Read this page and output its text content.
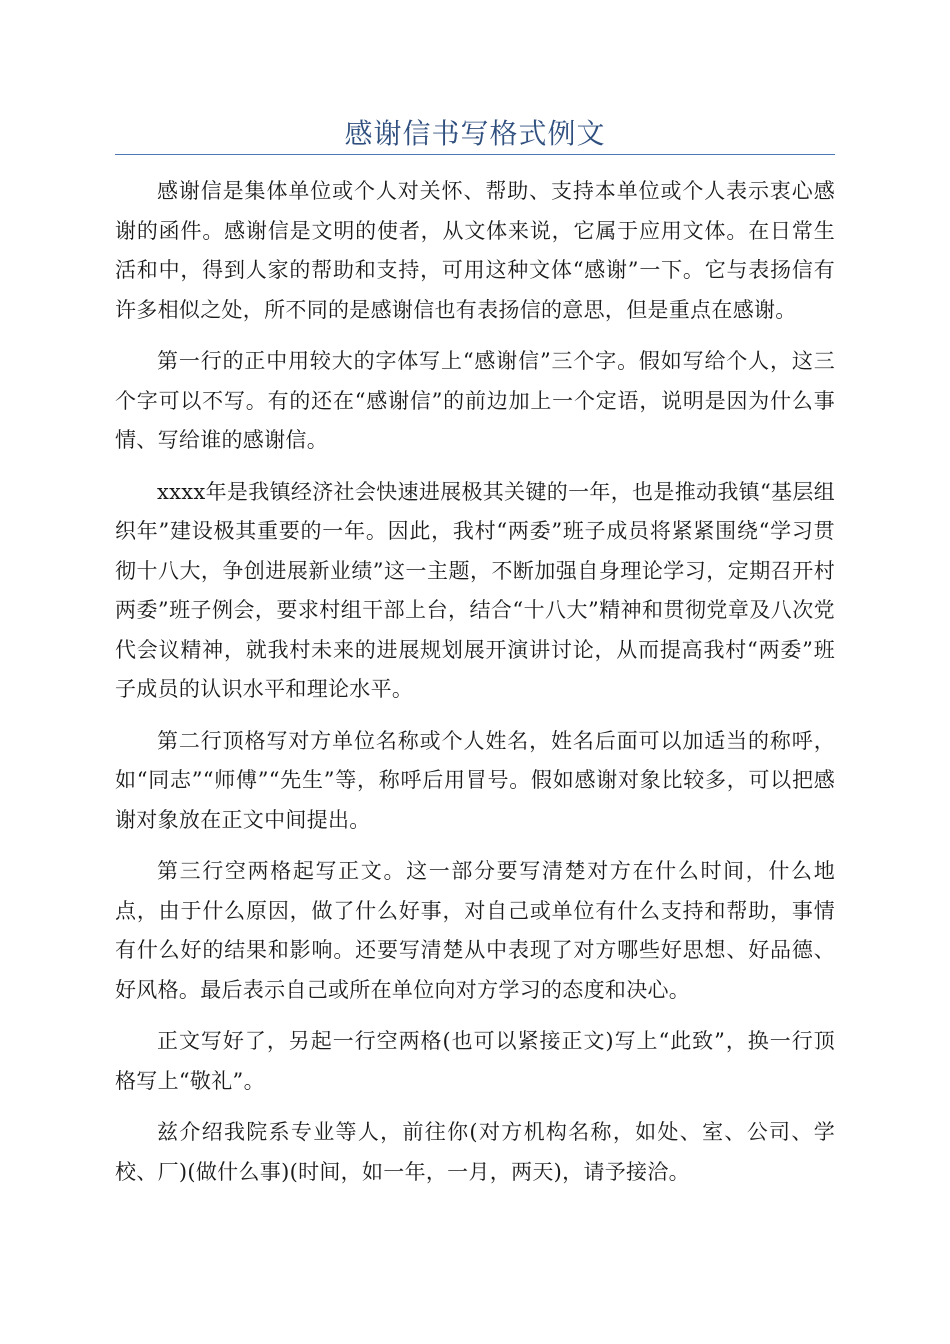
感谢信书写格式例文

感谢信是集体单位或个人对关怀、帮助、支持本单位或个人表示衷心感谢的函件。感谢信是文明的使者，从文体来说，它属于应用文体。在日常生活和中，得到人家的帮助和支持，可用这种文体“感谢”一下。它与表扬信有许多相似之处，所不同的是感谢信也有表扬信的意思，但是重点在感谢。

第一行的正中用较大的字体写上“感谢信”三个字。假如写给个人，这三个字可以不写。有的还在“感谢信”的前边加上一个定语，说明是因为什么事情、写给谁的感谢信。

xxxx年是我镇经济社会快速进展极其关键的一年，也是推动我镇“基层组织年”建设极其重要的一年。因此，我村“两委”班子成员将紧紧围绕“学习贯彻十八大，争创进展新业绩”这一主题，不断加强自身理论学习，定期召开村两委”班子例会，要求村组干部上台，结合“十八大”精神和贯彻党章及八次党代会议精神，就我村未来的进展规划展开演讲讨论，从而提高我村“两委”班子成员的认识水平和理论水平。

第二行顶格写对方单位名称或个人姓名，姓名后面可以加适当的称呼，如“同志”“师傅”“先生”等，称呼后用冒号。假如感谢对象比较多，可以把感谢对象放在正文中间提出。

第三行空两格起写正文。这一部分要写清楚对方在什么时间，什么地点，由于什么原因，做了什么好事，对自己或单位有什么支持和帮助，事情有什么好的结果和影响。还要写清楚从中表现了对方哪些好思想、好品德、好风格。最后表示自己或所在单位向对方学习的态度和决心。

正文写好了，另起一行空两格(也可以紧接正文)写上“此致”，换一行顶格写上“敬礼”。

兹介绍我院系专业等人，前往你(对方机构名称，如处、室、公司、学校、厂)(做什么事)(时间，如一年，一月，两天)，请予接洽。
